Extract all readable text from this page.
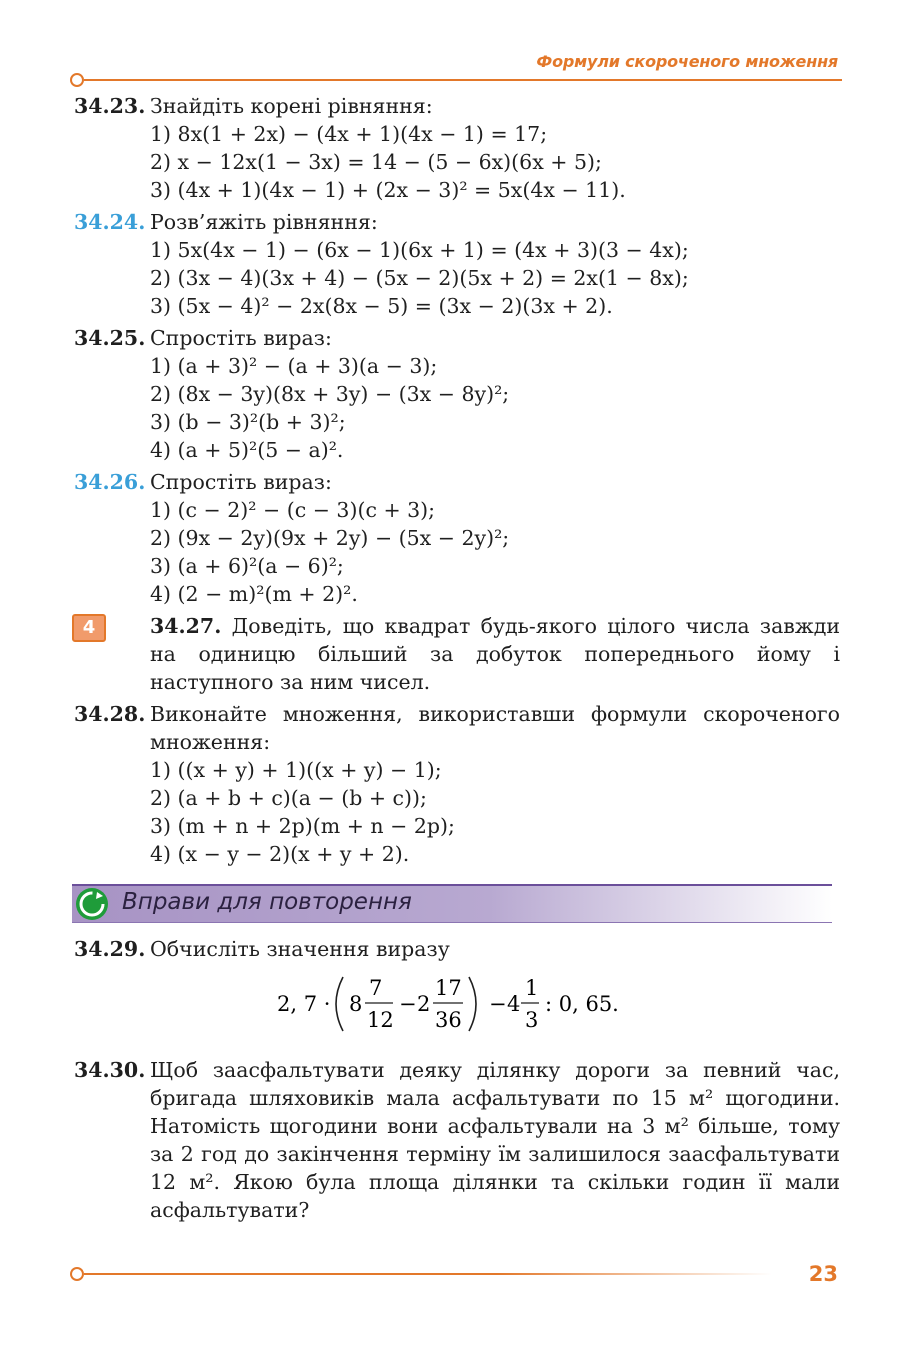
Формули скороченого множення
34.23. Знайдіть корені рівняння:
1) 8x(1 + 2x) − (4x + 1)(4x − 1) = 17;
2) x − 12x(1 − 3x) = 14 − (5 − 6x)(6x + 5);
3) (4x + 1)(4x − 1) + (2x − 3)² = 5x(4x − 11).
34.24. Розв’яжіть рівняння:
1) 5x(4x − 1) − (6x − 1)(6x + 1) = (4x + 3)(3 − 4x);
2) (3x − 4)(3x + 4) − (5x − 2)(5x + 2) = 2x(1 − 8x);
3) (5x − 4)² − 2x(8x − 5) = (3x − 2)(3x + 2).
34.25. Спростіть вираз:
1) (a + 3)² − (a + 3)(a − 3);
2) (8x − 3y)(8x + 3y) − (3x − 8y)²;
3) (b − 3)²(b + 3)²;
4) (a + 5)²(5 − a)².
34.26. Спростіть вираз:
1) (c − 2)² − (c − 3)(c + 3);
2) (9x − 2y)(9x + 2y) − (5x − 2y)²;
3) (a + 6)²(a − 6)²;
4) (2 − m)²(m + 2)².
4	34.27. Доведіть, що квадрат будь-якого цілого числа завжди на одиницю більший за добуток попереднього йому і наступного за ним чисел.
34.28. Виконайте множення, використавши формули скороченого множення:
1) ((x + y) + 1)((x + y) − 1);
2) (a + b + c)(a − (b + c));
3) (m + n + 2p)(m + n − 2p);
4) (x − y − 2)(x + y + 2).
Вправи для повторення
34.29. Обчисліть значення виразу
2, 7 · 8
7
12
− 2
17
36
− 4
1
3
: 0, 65.
34.30. Щоб заасфальтувати деяку ділянку дороги за певний час, бригада шляховиків мала асфальтувати по 15 м² щогодини. Натомість щогодини вони асфальтували на 3 м² більше, тому за 2 год до закінчення терміну їм залишилося заасфальтувати 12 м². Якою була площа ділянки та скільки годин її мали асфальтувати?
23
